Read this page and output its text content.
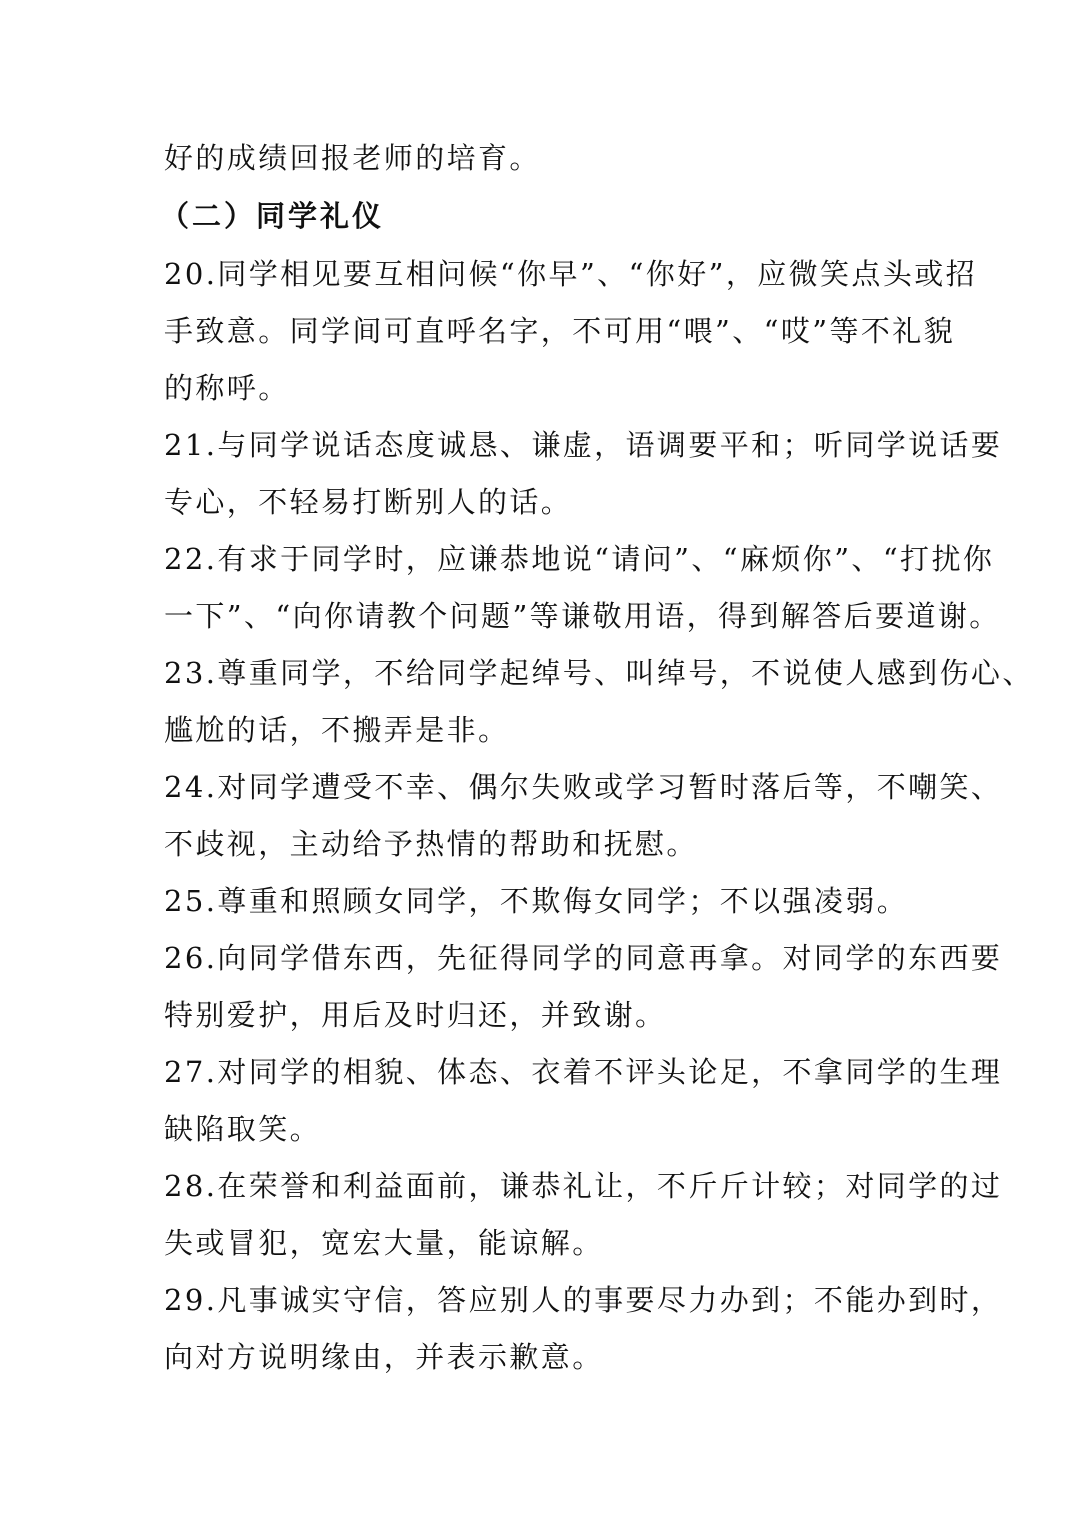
好的成绩回报老师的培育。
（二）同学礼仪
20.同学相见要互相问候“你早”、“你好”，应微笑点头或招
手致意。同学间可直呼名字，不可用“喂”、“哎”等不礼貌
的称呼。
21.与同学说话态度诚恳、谦虚，语调要平和；听同学说话要
专心，不轻易打断别人的话。
22.有求于同学时，应谦恭地说“请问”、“麻烦你”、“打扰你
一下”、“向你请教个问题”等谦敬用语，得到解答后要道谢。
23.尊重同学，不给同学起绰号、叫绰号，不说使人感到伤心、
尴尬的话，不搬弄是非。
24.对同学遭受不幸、偶尔失败或学习暂时落后等，不嘲笑、
不歧视，主动给予热情的帮助和抚慰。
25.尊重和照顾女同学，不欺侮女同学；不以强凌弱。
26.向同学借东西，先征得同学的同意再拿。对同学的东西要
特别爱护，用后及时归还，并致谢。
27.对同学的相貌、体态、衣着不评头论足，不拿同学的生理
缺陷取笑。
28.在荣誉和利益面前，谦恭礼让，不斤斤计较；对同学的过
失或冒犯，宽宏大量，能谅解。
29.凡事诚实守信，答应别人的事要尽力办到；不能办到时，
向对方说明缘由，并表示歉意。
